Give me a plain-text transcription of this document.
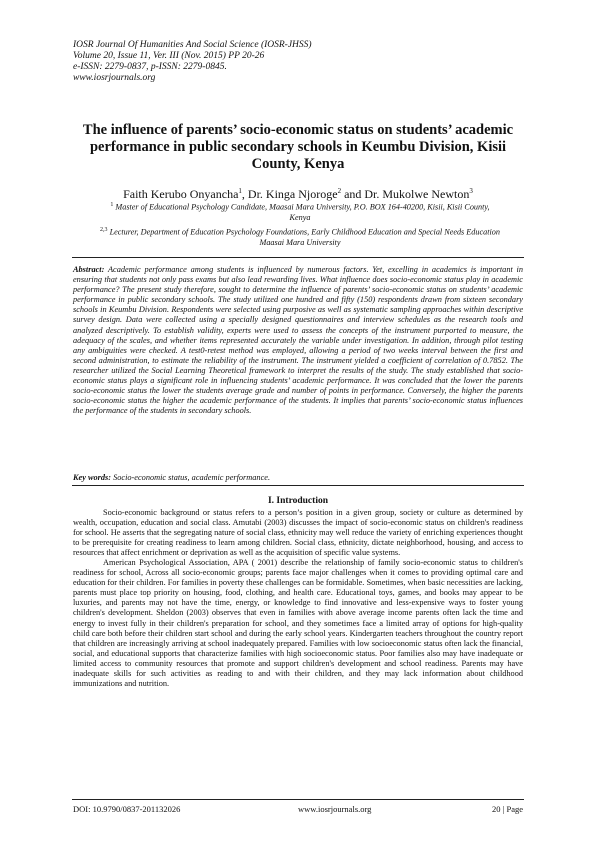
IOSR Journal Of Humanities And Social Science (IOSR-JHSS)
Volume 20, Issue 11, Ver. III (Nov. 2015) PP 20-26
e-ISSN: 2279-0837, p-ISSN: 2279-0845.
www.iosrjournals.org
The influence of parents’ socio-economic status on students’ academic performance in public secondary schools in Keumbu Division, Kisii County, Kenya
Faith Kerubo Onyancha$^1$, Dr. Kinga Njoroge$^2$ and Dr. Mukolwe Newton$^3$
$^1$ Master of Educational Psychology Candidate, Maasai Mara University, P.O. BOX 164-40200, Kisii, Kisii County, Kenya
$^{2,3}$ Lecturer, Department of Education Psychology Foundations, Early Childhood Education and Special Needs Education Maasai Mara University
Abstract: Academic performance among students is influenced by numerous factors. Yet, excelling in academics is important in ensuring that students not only pass exams but also lead rewarding lives. What influence does socio-economic status play in academic performance? The present study therefore, sought to determine the influence of parents’ socio-economic status on students’ academic performance in public secondary schools. The study utilized one hundred and fifty (150) respondents drawn from sixteen secondary schools in Keumbu Division. Respondents were selected using purposive as well as systematic sampling approaches within descriptive survey design. Data were collected using a specially designed questionnaires and interview schedules as the research tools and analyzed descriptively. To establish validity, experts were used to assess the concepts of the instrument purported to measure, the adequacy of the scales, and whether items represented accurately the variable under investigation. In addition, through pilot testing any ambiguities were checked. A test0-retest method was employed, allowing a period of two weeks interval between the first and second administration, to estimate the reliability of the instrument. The instrument yielded a coefficient of correlation of 0.7852. The researcher utilized the Social Learning Theoretical framework to interpret the results of the study. The study established that socio-economic status plays a significant role in influencing students’ academic performance. It was concluded that the lower the parents socio-economic status the lower the students average grade and number of points in performance. Conversely, the higher the parents socio-economic status the higher the academic performance of the students. It implies that parents’ socio-economic status influences the performance of the students in secondary schools.
Key words: Socio-economic status, academic performance.
I. Introduction

Socio-economic background or status refers to a person’s position in a given group, society or culture as determined by wealth, occupation, education and social class. Amutabi (2003) discusses the impact of socio-economic status on children's readiness for school. He asserts that the segregating nature of social class, ethnicity may well reduce the variety of enriching experiences thought to be prerequisite for creating readiness to learn among children. Social class, ethnicity, dictate neighborhood, housing, and access to resources that affect enrichment or deprivation as well as the acquisition of specific value systems.

American Psychological Association, APA ( 2001) describe the relationship of family socio-economic status to children's readiness for school, Across all socio-economic groups; parents face major challenges when it comes to providing optimal care and education for their children. For families in poverty these challenges can be formidable. Sometimes, when basic necessities are lacking, parents must place top priority on housing, food, clothing, and health care. Educational toys, games, and books may appear to be luxuries, and parents may not have the time, energy, or knowledge to find innovative and less-expensive ways to foster young children's development. Sheldon (2003) observes that even in families with above average income parents often lack the time and energy to invest fully in their children's preparation for school, and they sometimes face a limited array of options for high-quality child care both before their children start school and during the early school years. Kindergarten teachers throughout the country report that children are increasingly arriving at school inadequately prepared. Families with low socioeconomic status often lack the financial, social, and educational supports that characterize families with high socioeconomic status. Poor families also may have inadequate or limited access to community resources that promote and support children's development and school readiness. Parents may have inadequate skills for such activities as reading to and with their children, and they may lack information about childhood immunizations and nutrition.

DOI: 10.9790/0837-201132026	www.iosrjournals.org	20 | Page
